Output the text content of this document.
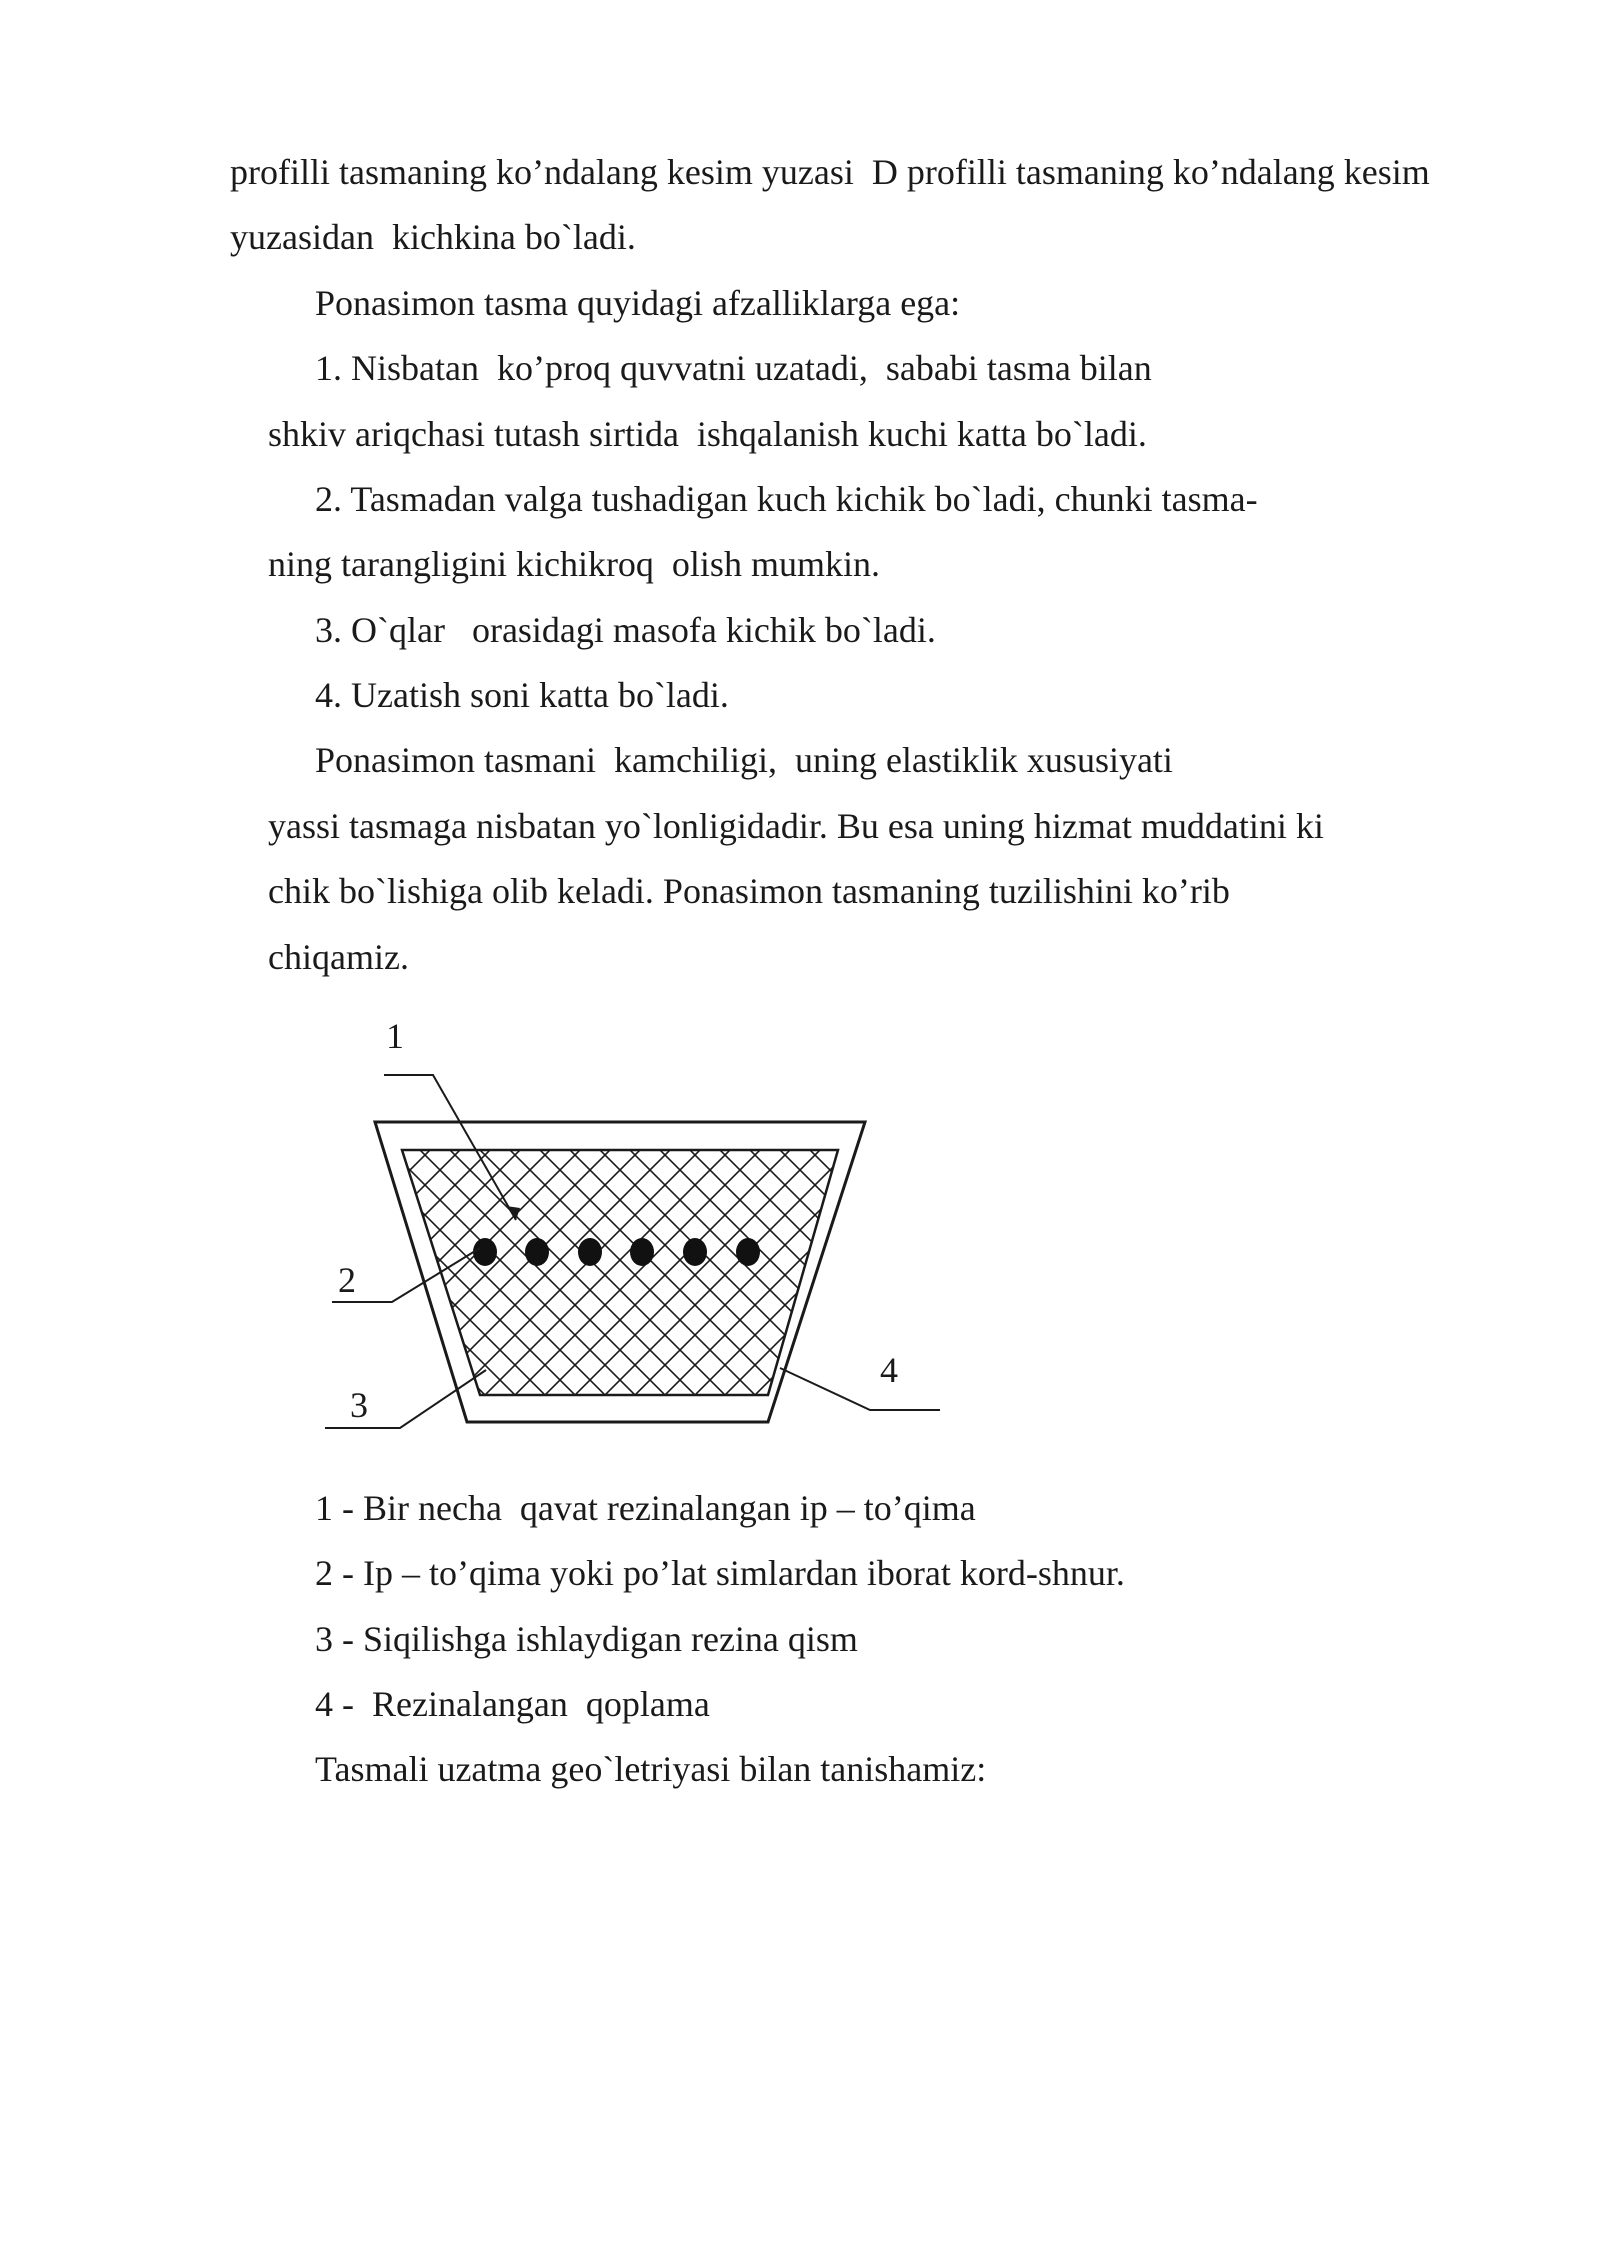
profilli tasmaning ko’ndalang kesim yuzasi  D profilli tasmaning ko’ndalang kesim
yuzasidan  kichkina bo`ladi.
Ponasimon tasma quyidagi afzalliklarga ega:
1. Nisbatan  ko’proq quvvatni uzatadi,  sababi tasma bilan
shkiv ariqchasi tutash sirtida  ishqalanish kuchi katta bo`ladi.
2. Tasmadan valga tushadigan kuch kichik bo`ladi, chunki tasma-
ning tarangligini kichikroq  olish mumkin.
3. O`qlar   orasidagi masofa kichik bo`ladi.
4. Uzatish soni katta bo`ladi.
Ponasimon tasmani  kamchiligi,  uning elastiklik xususiyati
yassi tasmaga nisbatan yo`lonligidadir. Bu esa uning hizmat muddatini ki
chik bo`lishiga olib keladi. Ponasimon tasmaning tuzilishini ko’rib
chiqamiz.
1
2
3
4
1 - Bir necha  qavat rezinalangan ip – to’qima
2 - Ip – to’qima yoki po’lat simlardan iborat kord-shnur.
3 - Siqilishga ishlaydigan rezina qism
4 -  Rezinalangan  qoplama
Tasmali uzatma geo`letriyasi bilan tanishamiz:
